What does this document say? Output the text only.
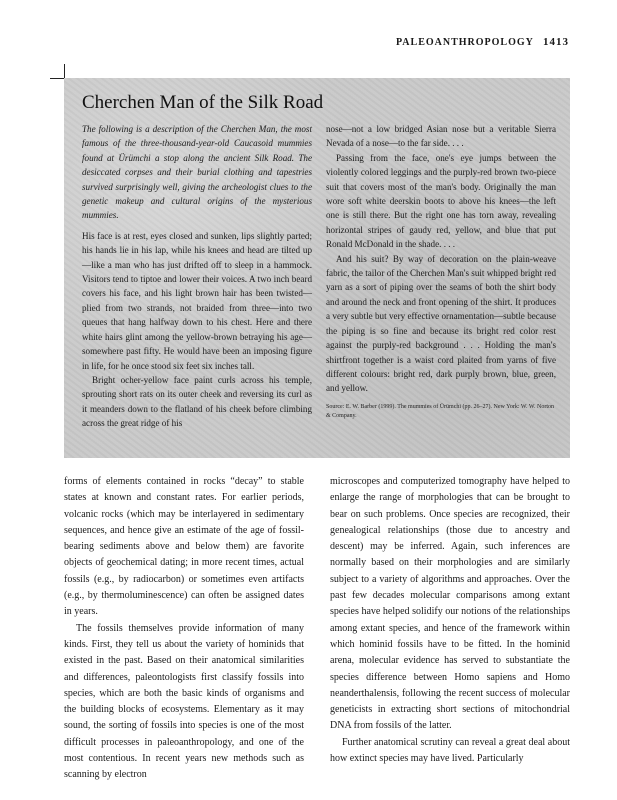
PALEOANTHROPOLOGY 1413
Cherchen Man of the Silk Road

The following is a description of the Cherchen Man, the most famous of the three-thousand-year-old Caucasoid mummies found at Ürümchi a stop along the ancient Silk Road. The desiccated corpses and their burial clothing and tapestries survived surprisingly well, giving the archeologist clues to the genetic makeup and cultural origins of the mysterious mummies.

His face is at rest, eyes closed and sunken, lips slightly parted; his hands lie in his lap, while his knees and head are tilted up—like a man who has just drifted off to sleep in a hammock. Visitors tend to tiptoe and lower their voices. A two inch beard covers his face, and his light brown hair has been twisted—plied from two strands, not braided from three—into two queues that hang halfway down to his chest. Here and there white hairs glint among the yellow-brown betraying his age—somewhere past fifty. He would have been an imposing figure in life, for he once stood six feet six inches tall.

Bright ocher-yellow face paint curls across his temple, sprouting short rats on its outer cheek and reversing its curl as it meanders down to the flatland of his cheek before climbing across the great ridge of his

nose—not a low bridged Asian nose but a veritable Sierra Nevada of a nose—to the far side. . . .

Passing from the face, one's eye jumps between the violently colored leggings and the purply-red brown two-piece suit that covers most of the man's body. Originally the man wore soft white deerskin boots to above his knees—the left one is still there. But the right one has torn away, revealing horizontal stripes of gaudy red, yellow, and blue that put Ronald McDonald in the shade. . . .

And his suit? By way of decoration on the plain-weave fabric, the tailor of the Cherchen Man's suit whipped bright red yarn as a sort of piping over the seams of both the shirt body and around the neck and front opening of the shirt. It produces a very subtle but very effective ornamentation—subtle because the piping is so fine and because its bright red color rest against the purply-red background . . . Holding the man's shirtfront together is a waist cord plaited from yarns of five different colours: bright red, dark purply brown, blue, green, and yellow.

Source: E. W. Barber (1999). The mummies of Ürümchi (pp. 26–27). New York: W. W. Norton & Company.

forms of elements contained in rocks “decay” to stable states at known and constant rates. For earlier periods, volcanic rocks (which may be interlayered in sedimentary sequences, and hence give an estimate of the age of fossil-bearing sediments above and below them) are favorite objects of geochemical dating; in more recent times, actual fossils (e.g., by radiocarbon) or sometimes even artifacts (e.g., by thermoluminescence) can often be assigned dates in years.

The fossils themselves provide information of many kinds. First, they tell us about the variety of hominids that existed in the past. Based on their anatomical similarities and differences, paleontologists first classify fossils into species, which are both the basic kinds of organisms and the building blocks of ecosystems. Elementary as it may sound, the sorting of fossils into species is one of the most difficult processes in paleoanthropology, and one of the most contentious. In recent years new methods such as scanning by electron

microscopes and computerized tomography have helped to enlarge the range of morphologies that can be brought to bear on such problems. Once species are recognized, their genealogical relationships (those due to ancestry and descent) may be inferred. Again, such inferences are normally based on their morphologies and are similarly subject to a variety of algorithms and approaches. Over the past few decades molecular comparisons among extant species have helped solidify our notions of the relationships among extant species, and hence of the framework within which hominid fossils have to be fitted. In the hominid arena, molecular evidence has served to substantiate the species difference between Homo sapiens and Homo neanderthalensis, following the recent success of molecular geneticists in extracting short sections of mitochondrial DNA from fossils of the latter.

Further anatomical scrutiny can reveal a great deal about how extinct species may have lived. Particularly
